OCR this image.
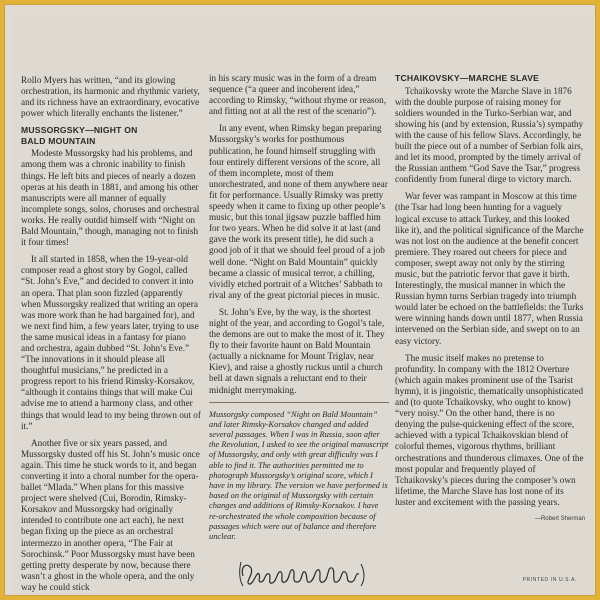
Rollo Myers has written, “and its glowing orchestration, its harmonic and rhythmic variety, and its richness have an extraordinary, evocative power which literally enchants the listener.”

MUSSORGSKY—NIGHT ON
BALD MOUNTAIN

Modeste Mussorgsky had his problems, and among them was a chronic inability to finish things. He left bits and pieces of nearly a dozen operas at his death in 1881, and among his other manuscripts were all manner of equally incomplete songs, solos, choruses and orchestral works. He really outdid himself with “Night on Bald Mountain,” though, managing not to finish it four times!

It all started in 1858, when the 19-year-old composer read a ghost story by Gogol, called “St. John’s Eve,” and decided to convert it into an opera. That plan soon fizzled (apparently when Mussorgsky realized that writing an opera was more work than he had bargained for), and we next find him, a few years later, trying to use the same musical ideas in a fantasy for piano and orchestra, again dubbed “St. John’s Eve.” “The innovations in it should please all thoughtful musicians,” he predicted in a progress report to his friend Rimsky-Korsakov, “although it contains things that will make Cui advise me to attend a harmony class, and other things that would lead to my being thrown out of it.”

Another five or six years passed, and Mussorgsky dusted off his St. John’s music once again. This time he stuck words to it, and began converting it into a choral number for the opera-ballet “Mlada.” When plans for this massive project were shelved (Cui, Borodin, Rimsky-Korsakov and Mussorgsky had originally intended to contribute one act each), he next began fixing up the piece as an orchestral intermezzo in another opera, “The Fair at Sorochinsk.” Poor Mussorgsky must have been getting pretty desperate by now, because there wasn’t a ghost in the whole opera, and the only way he could stick

in his scary music was in the form of a dream sequence (“a queer and incoherent idea,” according to Rimsky, “without rhyme or reason, and fitting not at all the rest of the scenario”).

In any event, when Rimsky began preparing Mussorgsky’s works for posthumous publication, he found himself struggling with four entirely different versions of the score, all of them incomplete, most of them unorchestrated, and none of them anywhere near fit for performance. Usually Rimsky was pretty speedy when it came to fixing up other people’s music, but this tonal jigsaw puzzle baffled him for two years. When he did solve it at last (and gave the work its present title), he did such a good job of it that we should feel proud of a job well done. “Night on Bald Mountain” quickly became a classic of musical terror, a chilling, vividly etched portrait of a Witches’ Sabbath to rival any of the great pictorial pieces in music.

St. John’s Eve, by the way, is the shortest night of the year, and according to Gogol’s tale, the demons are out to make the most of it. They fly to their favorite haunt on Bald Mountain (actually a nickname for Mount Triglav, near Kiev), and raise a ghostly ruckus until a church bell at dawn signals a reluctant end to their midnight merrymaking.

Mussorgsky composed “Night on Bald Mountain” and later Rimsky-Korsakov changed and added several passages. When I was in Russia, soon after the Revolution, I asked to see the original manuscript of Mussorgsky, and only with great difficulty was I able to find it. The authorities permitted me to photograph Mussorgsky’s original score, which I have in my library. The version we have performed is based on the original of Mussorgsky with certain changes and additions of Rimsky-Korsakov. I have re-orchestrated the whole composition because of passages which were out of balance and therefore unclear.

TCHAIKOVSKY—MARCHE SLAVE

Tchaikovsky wrote the Marche Slave in 1876 with the double purpose of raising money for soldiers wounded in the Turko-Serbian war, and showing his (and by extension, Russia’s) sympathy with the cause of his fellow Slavs. Accordingly, he built the piece out of a number of Serbian folk airs, and let its mood, prompted by the timely arrival of the Russian anthem “God Save the Tsar,” progress confidently from funeral dirge to victory march.

War fever was rampant in Moscow at this time (the Tsar had long been hunting for a vaguely logical excuse to attack Turkey, and this looked like it), and the political significance of the Marche was not lost on the audience at the benefit concert premiere. They roared out cheers for piece and composer, swept away not only by the stirring music, but the patriotic fervor that gave it birth. Interestingly, the musical manner in which the Russian hymn turns Serbian tragedy into triumph would later be echoed on the battlefields: the Turks were winning hands down until 1877, when Russia intervened on the Serbian side, and swept on to an easy victory.

The music itself makes no pretense to profundity. In company with the 1812 Overture (which again makes prominent use of the Tsarist hymn), it is jingoistic, thematically unsophisticated and (to quote Tchaikovsky, who ought to know) “very noisy.” On the other hand, there is no denying the pulse-quickening effect of the score, achieved with a typical Tchaikovskian blend of colorful themes, vigorous rhythms, brilliant orchestrations and thunderous climaxes. One of the most popular and frequently played of Tchaikovsky’s pieces during the composer’s own lifetime, the Marche Slave has lost none of its luster and excitement with the passing years.

—Robert Sherman
PRINTED IN U.S.A.
